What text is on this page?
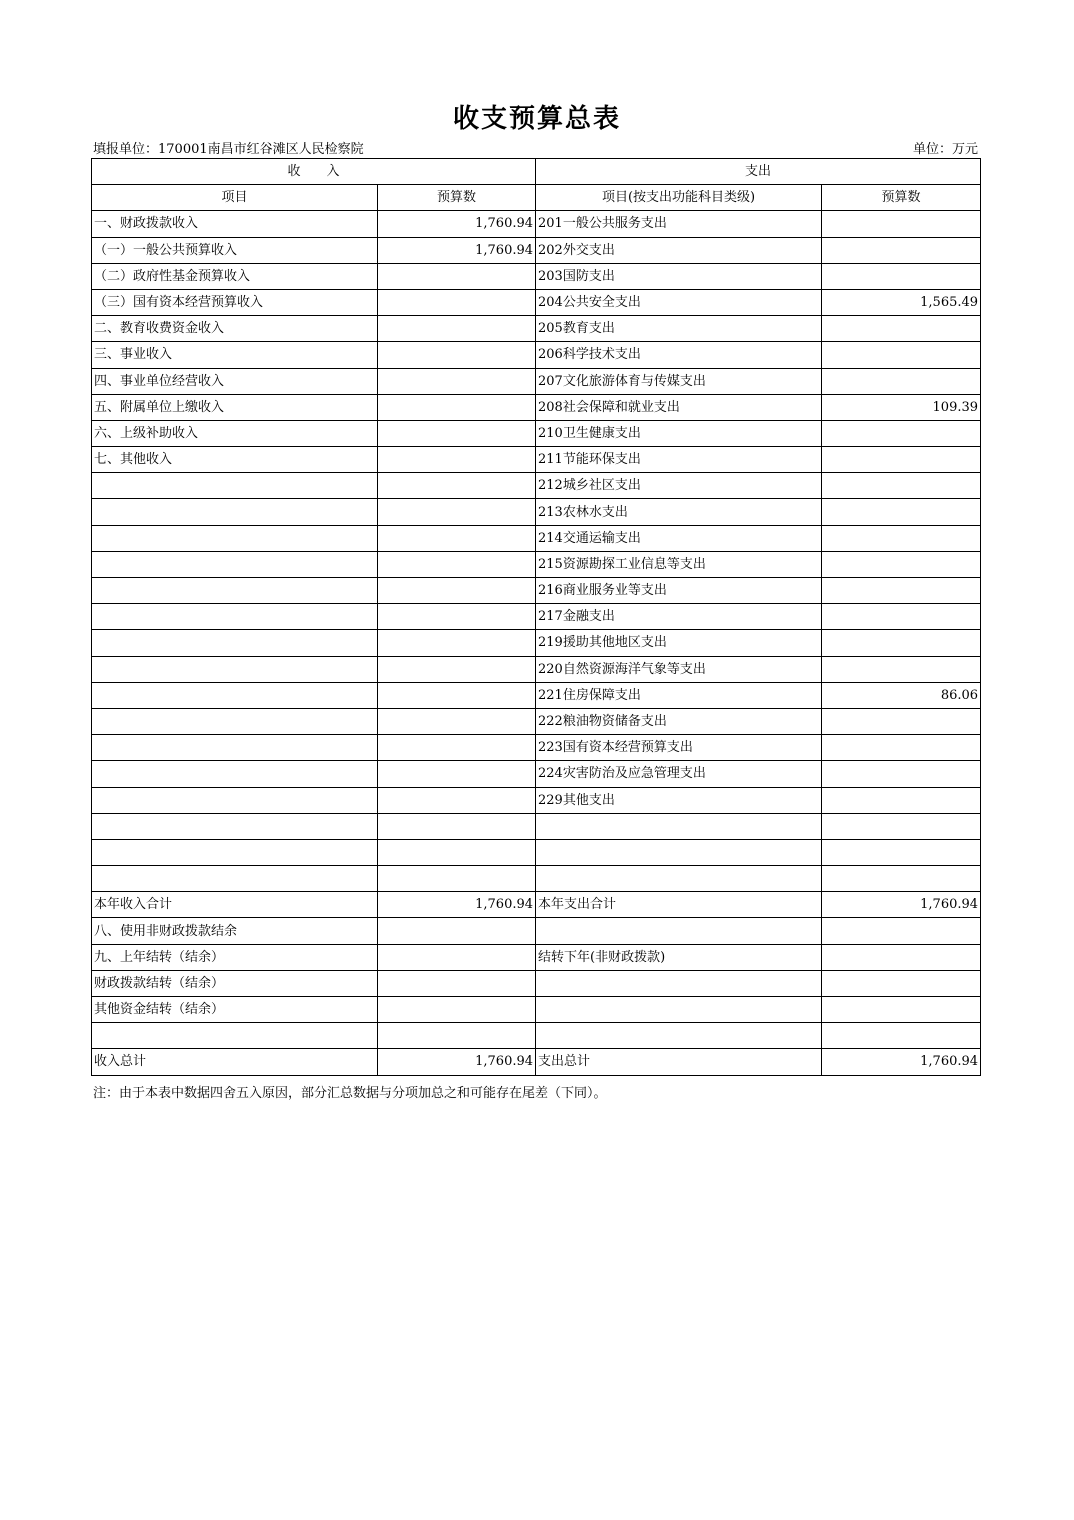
收支预算总表
填报单位：170001南昌市红谷滩区人民检察院	单位：万元
收　　入		支出	
项目	预算数	项目(按支出功能科目类级)	预算数
一、财政拨款收入	1,760.94	201一般公共服务支出	
（一）一般公共预算收入	1,760.94	202外交支出	
（二）政府性基金预算收入		203国防支出	
（三）国有资本经营预算收入		204公共安全支出	1,565.49
二、教育收费资金收入		205教育支出	
三、事业收入		206科学技术支出	
四、事业单位经营收入		207文化旅游体育与传媒支出	
五、附属单位上缴收入		208社会保障和就业支出	109.39
六、上级补助收入		210卫生健康支出	
七、其他收入		211节能环保支出	
		212城乡社区支出	
		213农林水支出	
		214交通运输支出	
		215资源勘探工业信息等支出	
		216商业服务业等支出	
		217金融支出	
		219援助其他地区支出	
		220自然资源海洋气象等支出	
		221住房保障支出	86.06
		222粮油物资储备支出	
		223国有资本经营预算支出	
		224灾害防治及应急管理支出	
		229其他支出	

本年收入合计	1,760.94	本年支出合计	1,760.94
八、使用非财政拨款结余			
九、上年结转（结余）		结转下年(非财政拨款)	
财政拨款结转（结余）			
其他资金结转（结余）			

收入总计	1,760.94	支出总计	1,760.94
注：由于本表中数据四舍五入原因，部分汇总数据与分项加总之和可能存在尾差（下同）。
